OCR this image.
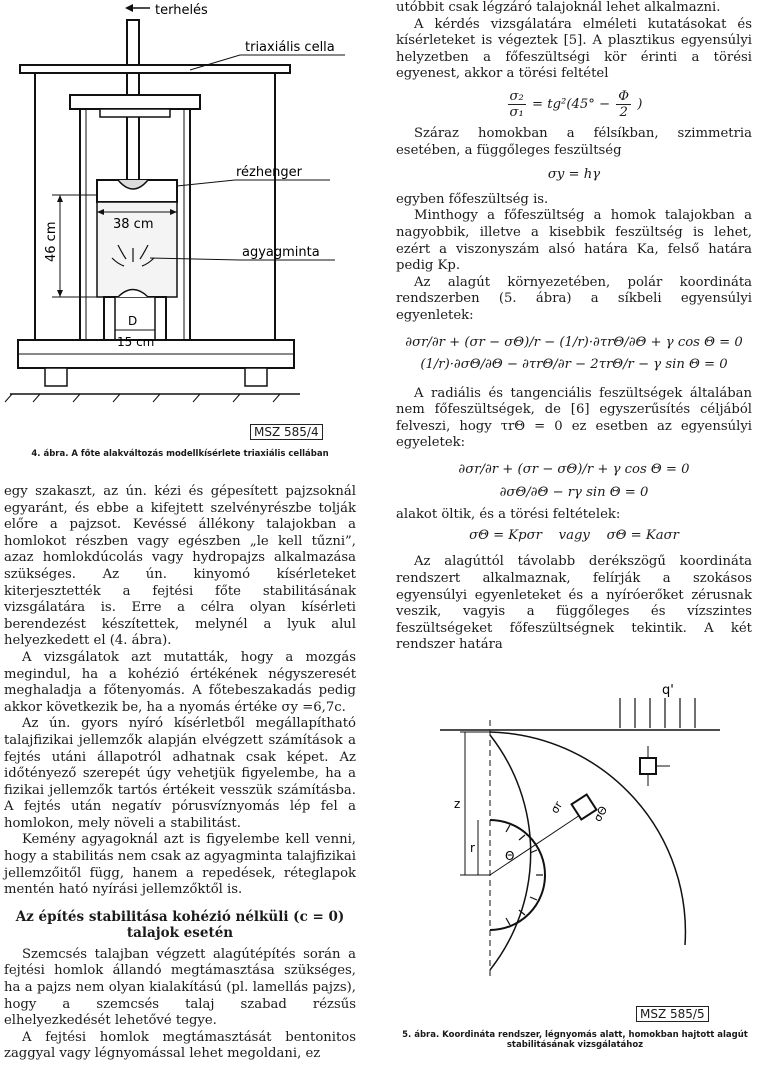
terhelés
triaxiális cella
rézhenger
agyagminta
38 cm
46 cm
D
15 cm
MSZ 585/4
4. ábra. A főte alakváltozás modellkísérlete triaxiális cellában

egy szakaszt, az ún. kézi és gépesített pajzsoknál egyaránt, és ebbe a kifejtett szelvényrészbe tolják előre a pajzsot. Kevéssé állékony talajokban a homlokot részben vagy egészben „le kell tűzni”, azaz homlokdúcolás vagy hydropajzs alkalmazása szükséges. Az ún. kinyomó kísérleteket kiterjesztették a fejtési főte stabilitásának vizsgálatára is. Erre a célra olyan kísérleti berendezést készítettek, melynél a lyuk alul helyezkedett el (4. ábra).

A vizsgálatok azt mutatták, hogy a mozgás megindul, ha a kohézió értékének négyszeresét meghaladja a főtenyomás. A főtebeszakadás pedig akkor következik be, ha a nyomás értéke σy =6,7c.

Az ún. gyors nyíró kísérletből megállapítható talajfizikai jellemzők alapján elvégzett számítások a fejtés utáni állapotról adhatnak csak képet. Az időtényező szerepét úgy vehetjük figyelembe, ha a fizikai jellemzők tartós értékeit vesszük számításba. A fejtés után negatív pórusvíznyomás lép fel a homlokon, mely növeli a stabilitást.

Kemény agyagoknál azt is figyelembe kell venni, hogy a stabilitás nem csak az agyagminta talajfizikai jellemzőitől függ, hanem a repedések, réteglapok mentén ható nyírási jellemzőktől is.

Az építés stabilitása kohézió nélküli (c = 0) talajok esetén

Szemcsés talajban végzett alagútépítés során a fejtési homlok állandó megtámasztása szükséges, ha a pajzs nem olyan kialakítású (pl. lamellás pajzs), hogy a szemcsés talaj szabad rézsűs elhelyezkedését lehetővé tegye.

A fejtési homlok megtámasztását bentonitos zaggyal vagy légnyomással lehet megoldani, ez

utóbbit csak légzáró talajoknál lehet alkalmazni.

A kérdés vizsgálatára elméleti kutatásokat és kísérleteket is végeztek [5]. A plasztikus egyensúlyi helyzetben a főfeszültségi kör érinti a törési egyenest, akkor a törési feltétel

$\frac{\text{σ₂}}{\text{σ₁}} = tg^2(45^\circ - \frac{\Phi}{2}$ )

Száraz homokban a félsíkban, szimmetria esetében, a függőleges feszültség

σy = hγ

egyben főfeszültség is.

Minthogy a főfeszültség a homok talajokban a nagyobbik, illetve a kisebbik feszültség is lehet, ezért a viszonyszám alsó határa Ka, felső határa pedig Kp.

Az alagút környezetében, polár koordináta rendszerben (5. ábra) a síkbeli egyensúlyi egyenletek:

∂σr/∂r + (σr − σΘ)/r − (1/r)·∂τrΘ/∂Θ + γ cos Θ = 0
(1/r)·∂σΘ/∂Θ − ∂τrΘ/∂r − 2τrΘ/r − γ sin Θ = 0

A radiális és tangenciális feszültségek általában nem főfeszültségek, de [6] egyszerűsítés céljából felveszi, hogy τrΘ = 0 ez esetben az egyensúlyi egyeletek:

∂σr/∂r + (σr − σΘ)/r + γ cos Θ = 0
∂σΘ/∂Θ − rγ sin Θ = 0

alakot öltik, és a törési feltételek:

σΘ = Kpσr    vagy    σΘ = Kaσr

Az alagúttól távolabb derékszögű koordináta rendszert alkalmaznak, felírják a szokásos egyensúlyi egyenleteket és a nyíróerőket zérusnak veszik, vagyis a függőleges és vízszintes feszültségeket főfeszültségnek tekintik. A két rendszer határa

q'
Θ
σr σΘ
z
r
MSZ 585/5
5. ábra. Koordináta rendszer, légnyomás alatt, homokban hajtott alagút stabilitásának vizsgálatához
